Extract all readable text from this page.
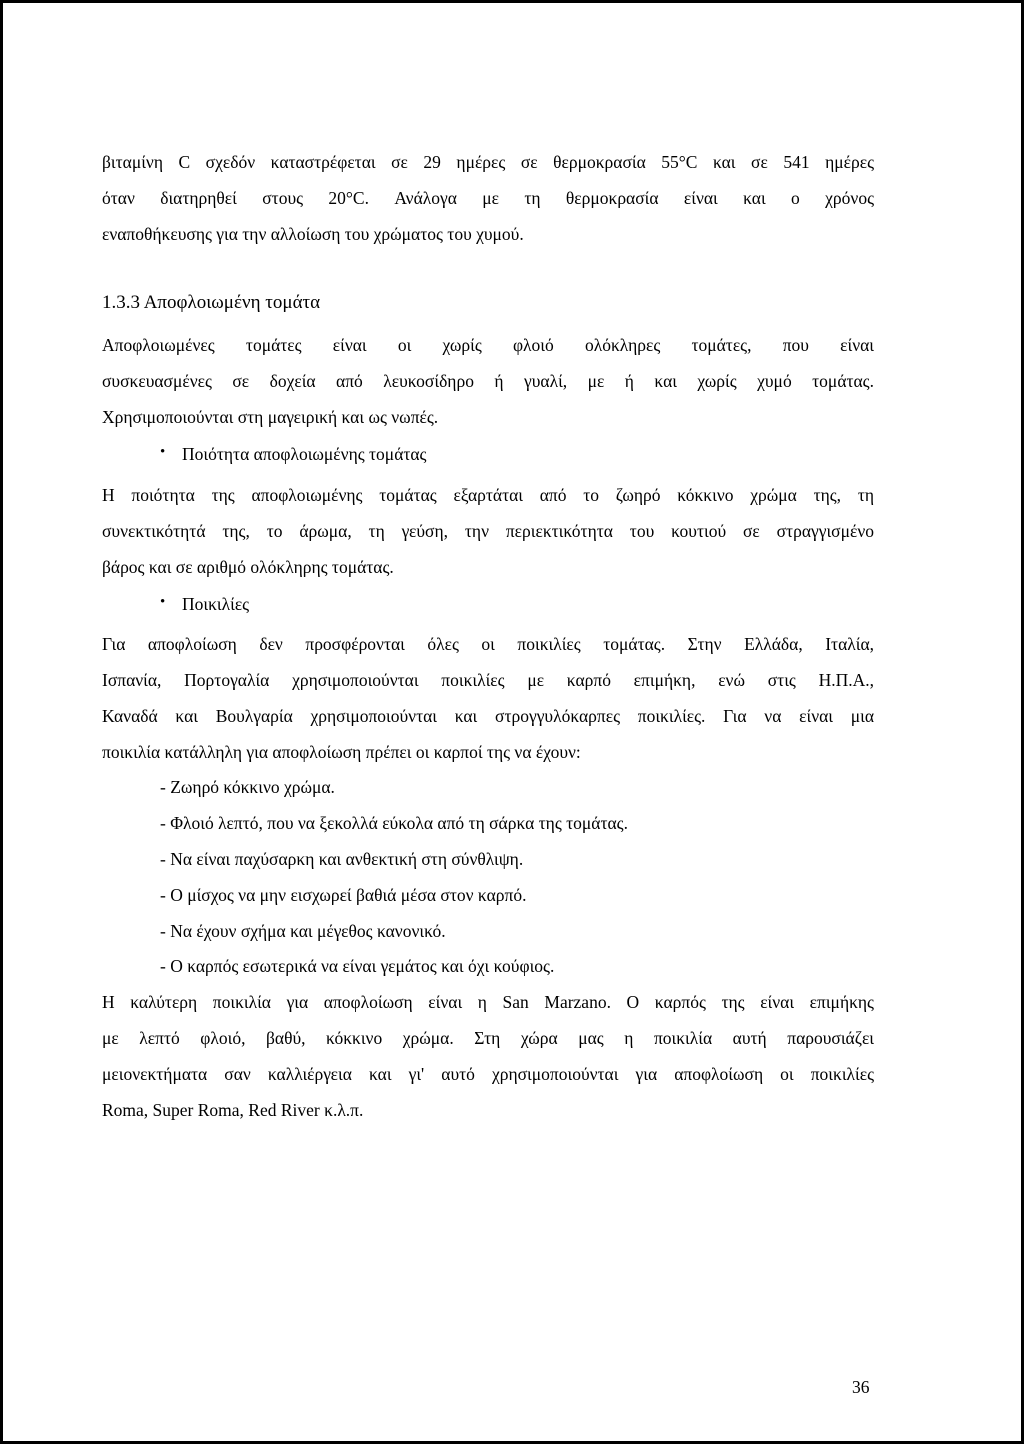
βιταμίνη C σχεδόν καταστρέφεται σε 29 ημέρες σε θερμοκρασία 55°C και σε 541 ημέρες
όταν διατηρηθεί στους 20°C. Ανάλογα με τη θερμοκρασία είναι και ο χρόνος
εναποθήκευσης για την αλλοίωση του χρώματος του χυμού.
1.3.3 Αποφλοιωμένη τομάτα
Αποφλοιωμένες τομάτες είναι οι χωρίς φλοιό ολόκληρες τομάτες, που είναι
συσκευασμένες σε δοχεία από λευκοσίδηρο ή γυαλί, με ή και χωρίς χυμό τομάτας.
Χρησιμοποιούνται στη μαγειρική και ως νωπές.
• Ποιότητα αποφλοιωμένης τομάτας
Η ποιότητα της αποφλοιωμένης τομάτας εξαρτάται από το ζωηρό κόκκινο χρώμα της, τη
συνεκτικότητά της, το άρωμα, τη γεύση, την περιεκτικότητα του κουτιού σε στραγγισμένο
βάρος και σε αριθμό ολόκληρης τομάτας.
• Ποικιλίες
Για αποφλοίωση δεν προσφέρονται όλες οι ποικιλίες τομάτας. Στην Ελλάδα, Ιταλία,
Ισπανία, Πορτογαλία χρησιμοποιούνται ποικιλίες με καρπό επιμήκη, ενώ στις Η.Π.Α.,
Καναδά και Βουλγαρία χρησιμοποιούνται και στρογγυλόκαρπες ποικιλίες. Για να είναι μια
ποικιλία κατάλληλη για αποφλοίωση πρέπει οι καρποί της να έχουν:
- Ζωηρό κόκκινο χρώμα.
- Φλοιό λεπτό, που να ξεκολλά εύκολα από τη σάρκα της τομάτας.
- Να είναι παχύσαρκη και ανθεκτική στη σύνθλιψη.
- Ο μίσχος να μην εισχωρεί βαθιά μέσα στον καρπό.
- Να έχουν σχήμα και μέγεθος κανονικό.
- Ο καρπός εσωτερικά να είναι γεμάτος και όχι κούφιος.
Η καλύτερη ποικιλία για αποφλοίωση είναι η San Marzano. Ο καρπός της είναι επιμήκης
με λεπτό φλοιό, βαθύ, κόκκινο χρώμα. Στη χώρα μας η ποικιλία αυτή παρουσιάζει
μειονεκτήματα σαν καλλιέργεια και γι' αυτό χρησιμοποιούνται για αποφλοίωση οι ποικιλίες
Roma, Super Roma, Red River κ.λ.π.
36
